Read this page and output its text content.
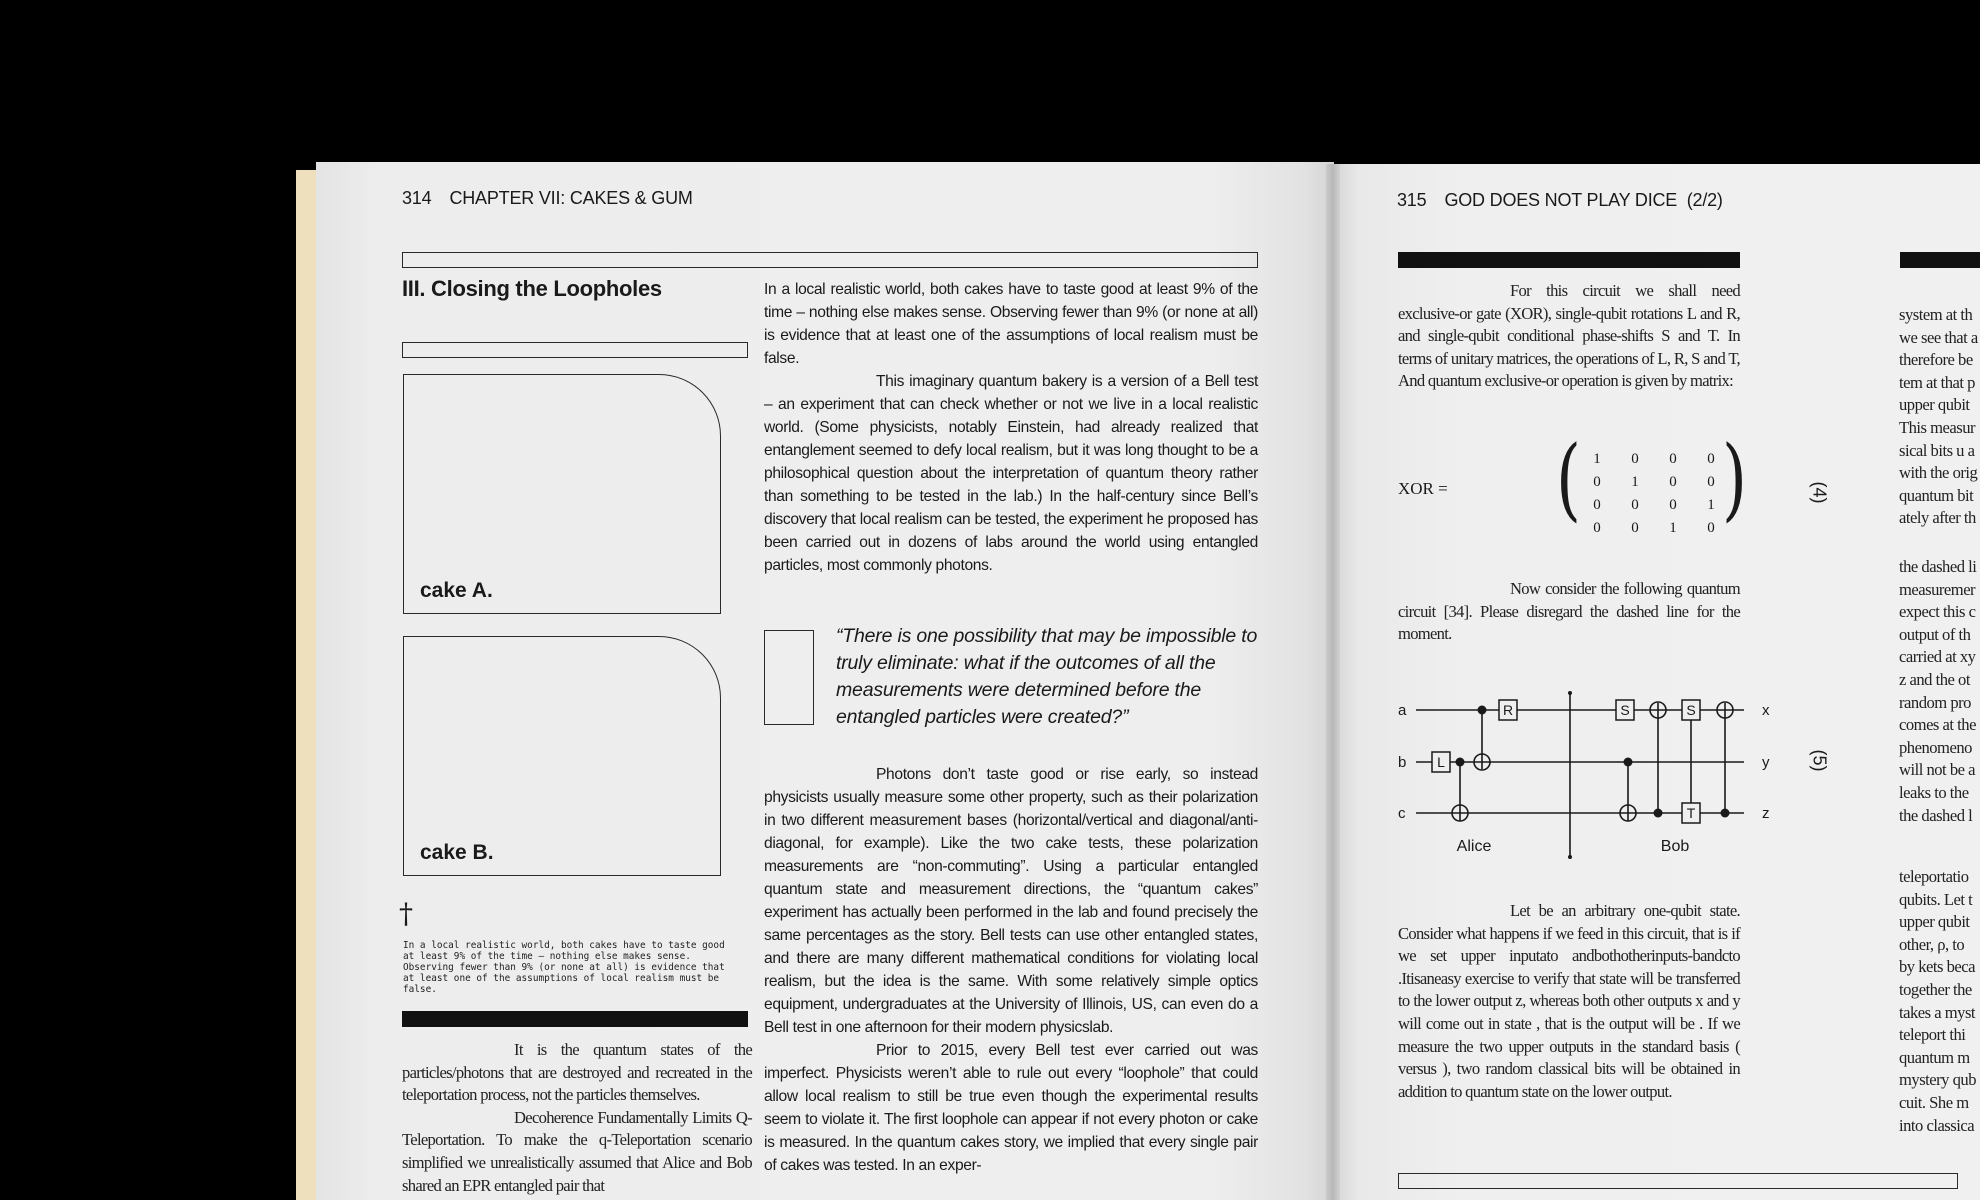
314 CHAPTER VII: CAKES & GUM
III. Closing the Loopholes
cake A.
cake B.
†
In a local realistic world, both cakes have to taste good at least 9% of the time – nothing else makes sense. Observing fewer than 9% (or none at all) is evidence that at least one of the assumptions of local realism must be false.

It is the quantum states of the particles/photons that are destroyed and recreated in the teleportation process, not the particles themselves.

Decoherence Fundamentally Limits Q-Teleportation. To make the q-Teleportation scenario simplified we unrealistically assumed that Alice and Bob shared an EPR entangled pair that

In a local realistic world, both cakes have to taste good at least 9% of the time – nothing else makes sense. Observing fewer than 9% (or none at all) is evidence that at least one of the assumptions of local realism must be false.

This imaginary quantum bakery is a version of a Bell test – an experiment that can check whether or not we live in a local realistic world. (Some physicists, notably Einstein, had already realized that entanglement seemed to defy local realism, but it was long thought to be a philosophical question about the interpretation of quantum theory rather than something to be tested in the lab.) In the half-century since Bell’s discovery that local realism can be tested, the experiment he proposed has been carried out in dozens of labs around the world using entangled particles, most commonly photons.

“There is one possibility that may be impossible to truly eliminate: what if the outcomes of all the measurements were determined before the entangled particles were created?”

Photons don’t taste good or rise early, so instead physicists usually measure some other property, such as their polarization in two different measurement bases (horizontal/vertical and diagonal/anti-diagonal, for example). Like the two cake tests, these polarization measurements are “non-commuting”. Using a particular entangled quantum state and measurement directions, the “quantum cakes” experiment has actually been performed in the lab and found precisely the same percentages as the story. Bell tests can use other entangled states, and there are many different mathematical conditions for violating local realism, but the idea is the same. With some relatively simple optics equipment, undergraduates at the University of Illinois, US, can even do a Bell test in one afternoon for their modern physicslab.

Prior to 2015, every Bell test ever carried out was imperfect. Physicists weren’t able to rule out every “loophole” that could allow local realism to still be true even though the experimental results seem to violate it. The first loophole can appear if not every photon or cake is measured. In the quantum cakes story, we implied that every single pair of cakes was tested. In an exper-

315 GOD DOES NOT PLAY DICE (2/2)

For this circuit we shall need exclusive-or gate (XOR), single-qubit rotations L and R, and single-qubit conditional phase-shifts S and T. In terms of unitary matrices, the operations of L, R, S and T, And quantum exclusive-or operation is given by matrix:

XOR = ( )
1	0	0	0
0	1	0	0
0	0	0	1
0	0	1	0
(4)

Now consider the following quantum circuit [34]. Please disregard the dashed line for the moment.

L
R	S	S
T
a
b
c
x
y
z
Alice	Bob
(5)

Let be an arbitrary one-qubit state. Consider what happens if we feed in this circuit, that is if we set upper inputato andbothotherinputs-bandcto .Itisaneasy exercise to verify that state will be transferred to the lower output z, whereas both other outputs x and y will come out in state , that is the output will be . If we measure the two upper outputs in the standard basis ( versus ), two random classical bits will be obtained in addition to quantum state on the lower output.

system at th
we see that a
therefore be
tem at that p
upper qubit
This measur
sical bits u a
with the orig
quantum bit
ately after th
the dashed li
measuremer
expect this c
output of th
carried at xy
z and the ot
random pro
comes at the
phenomeno
will not be a
leaks to the
the dashed l
teleportatio
qubits. Let t
upper qubit
other, ρ, to
by kets beca
together the
takes a myst
teleport thi
quantum m
mystery qub
cuit. She m
into classica
